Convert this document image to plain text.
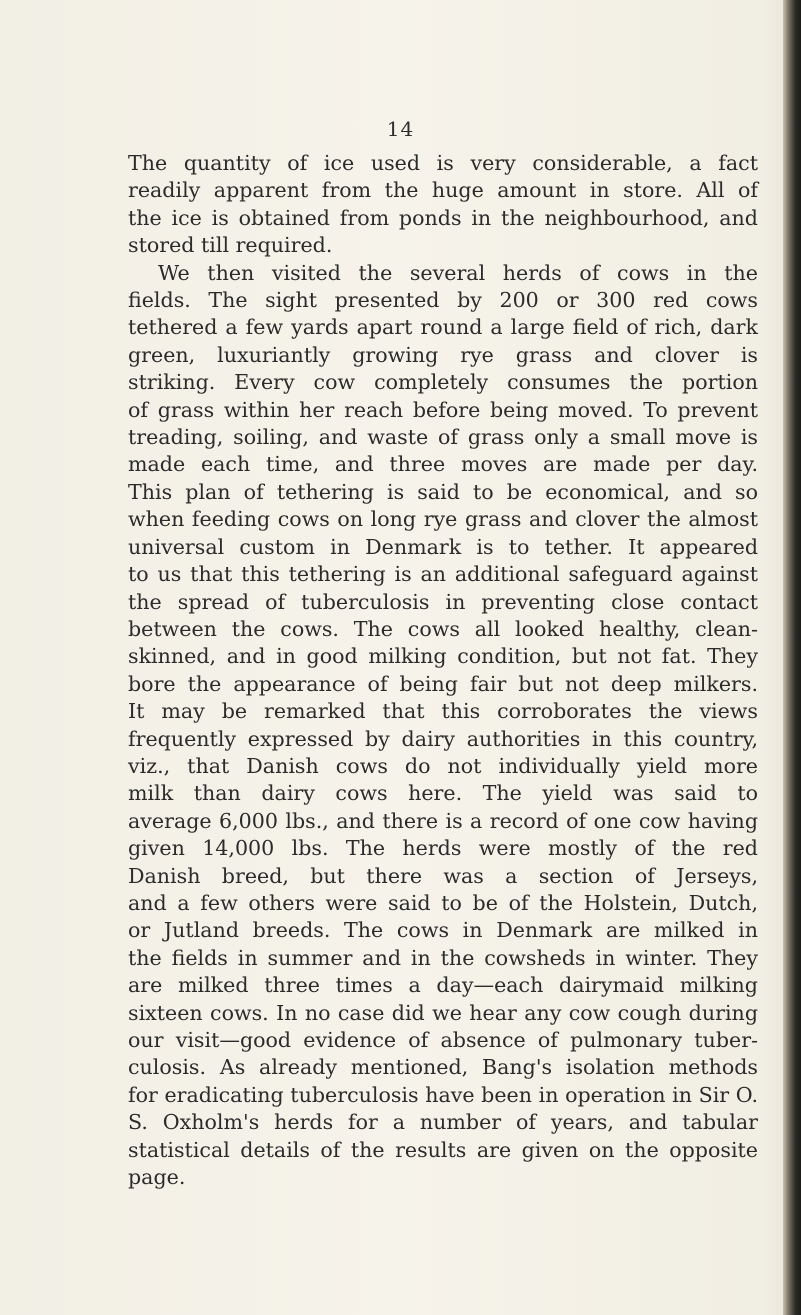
14
The quantity of ice used is very considerable, a fact
readily apparent from the huge amount in store. All of
the ice is obtained from ponds in the neighbourhood, and
stored till required.
We then visited the several herds of cows in the
fields. The sight presented by 200 or 300 red cows
tethered a few yards apart round a large field of rich, dark
green, luxuriantly growing rye grass and clover is
striking. Every cow completely consumes the portion
of grass within her reach before being moved. To prevent
treading, soiling, and waste of grass only a small move is
made each time, and three moves are made per day.
This plan of tethering is said to be economical, and so
when feeding cows on long rye grass and clover the almost
universal custom in Denmark is to tether. It appeared
to us that this tethering is an additional safeguard against
the spread of tuberculosis in preventing close contact
between the cows. The cows all looked healthy, clean-
skinned, and in good milking condition, but not fat. They
bore the appearance of being fair but not deep milkers.
It may be remarked that this corroborates the views
frequently expressed by dairy authorities in this country,
viz., that Danish cows do not individually yield more
milk than dairy cows here. The yield was said to
average 6,000 lbs., and there is a record of one cow having
given 14,000 lbs. The herds were mostly of the red
Danish breed, but there was a section of Jerseys,
and a few others were said to be of the Holstein, Dutch,
or Jutland breeds. The cows in Denmark are milked in
the fields in summer and in the cowsheds in winter. They
are milked three times a day—each dairymaid milking
sixteen cows. In no case did we hear any cow cough during
our visit—good evidence of absence of pulmonary tuber-
culosis. As already mentioned, Bang's isolation methods
for eradicating tuberculosis have been in operation in Sir O.
S. Oxholm's herds for a number of years, and tabular
statistical details of the results are given on the opposite
page.
